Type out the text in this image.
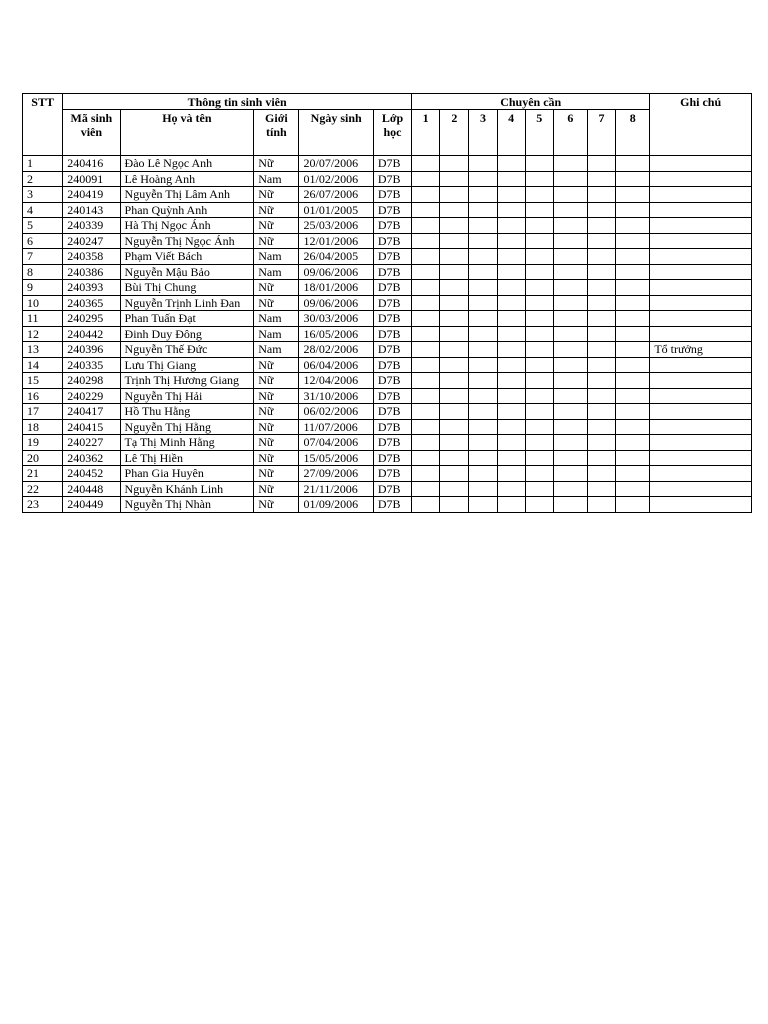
STT	Thông tin sinh viên					Chuyên cần								Ghi chú
	Mã sinh viên	Họ và tên	Giới tính	Ngày sinh	Lớp học	1	2	3	4	5	6	7	8	
1	240416	Đào Lê Ngọc Anh	Nữ	20/07/2006	D7B									
2	240091	Lê Hoàng Anh	Nam	01/02/2006	D7B									
3	240419	Nguyễn Thị Lâm Anh	Nữ	26/07/2006	D7B									
4	240143	Phan Quỳnh Anh	Nữ	01/01/2005	D7B									
5	240339	Hà Thị Ngọc Ánh	Nữ	25/03/2006	D7B									
6	240247	Nguyễn Thị Ngọc Ánh	Nữ	12/01/2006	D7B									
7	240358	Phạm Viết Bách	Nam	26/04/2005	D7B									
8	240386	Nguyễn Mậu Bảo	Nam	09/06/2006	D7B									
9	240393	Bùi Thị Chung	Nữ	18/01/2006	D7B									
10	240365	Nguyễn Trịnh Linh Đan	Nữ	09/06/2006	D7B									
11	240295	Phan Tuấn Đạt	Nam	30/03/2006	D7B									
12	240442	Đinh Duy Đông	Nam	16/05/2006	D7B									
13	240396	Nguyễn Thế Đức	Nam	28/02/2006	D7B									Tổ trưởng
14	240335	Lưu Thị Giang	Nữ	06/04/2006	D7B									
15	240298	Trịnh Thị Hương Giang	Nữ	12/04/2006	D7B									
16	240229	Nguyễn Thị Hải	Nữ	31/10/2006	D7B									
17	240417	Hồ Thu Hằng	Nữ	06/02/2006	D7B									
18	240415	Nguyễn Thị Hằng	Nữ	11/07/2006	D7B									
19	240227	Tạ Thị Minh Hằng	Nữ	07/04/2006	D7B									
20	240362	Lê Thị Hiền	Nữ	15/05/2006	D7B									
21	240452	Phan Gia Huyên	Nữ	27/09/2006	D7B									
22	240448	Nguyễn Khánh Linh	Nữ	21/11/2006	D7B									
23	240449	Nguyễn Thị Nhàn	Nữ	01/09/2006	D7B									
